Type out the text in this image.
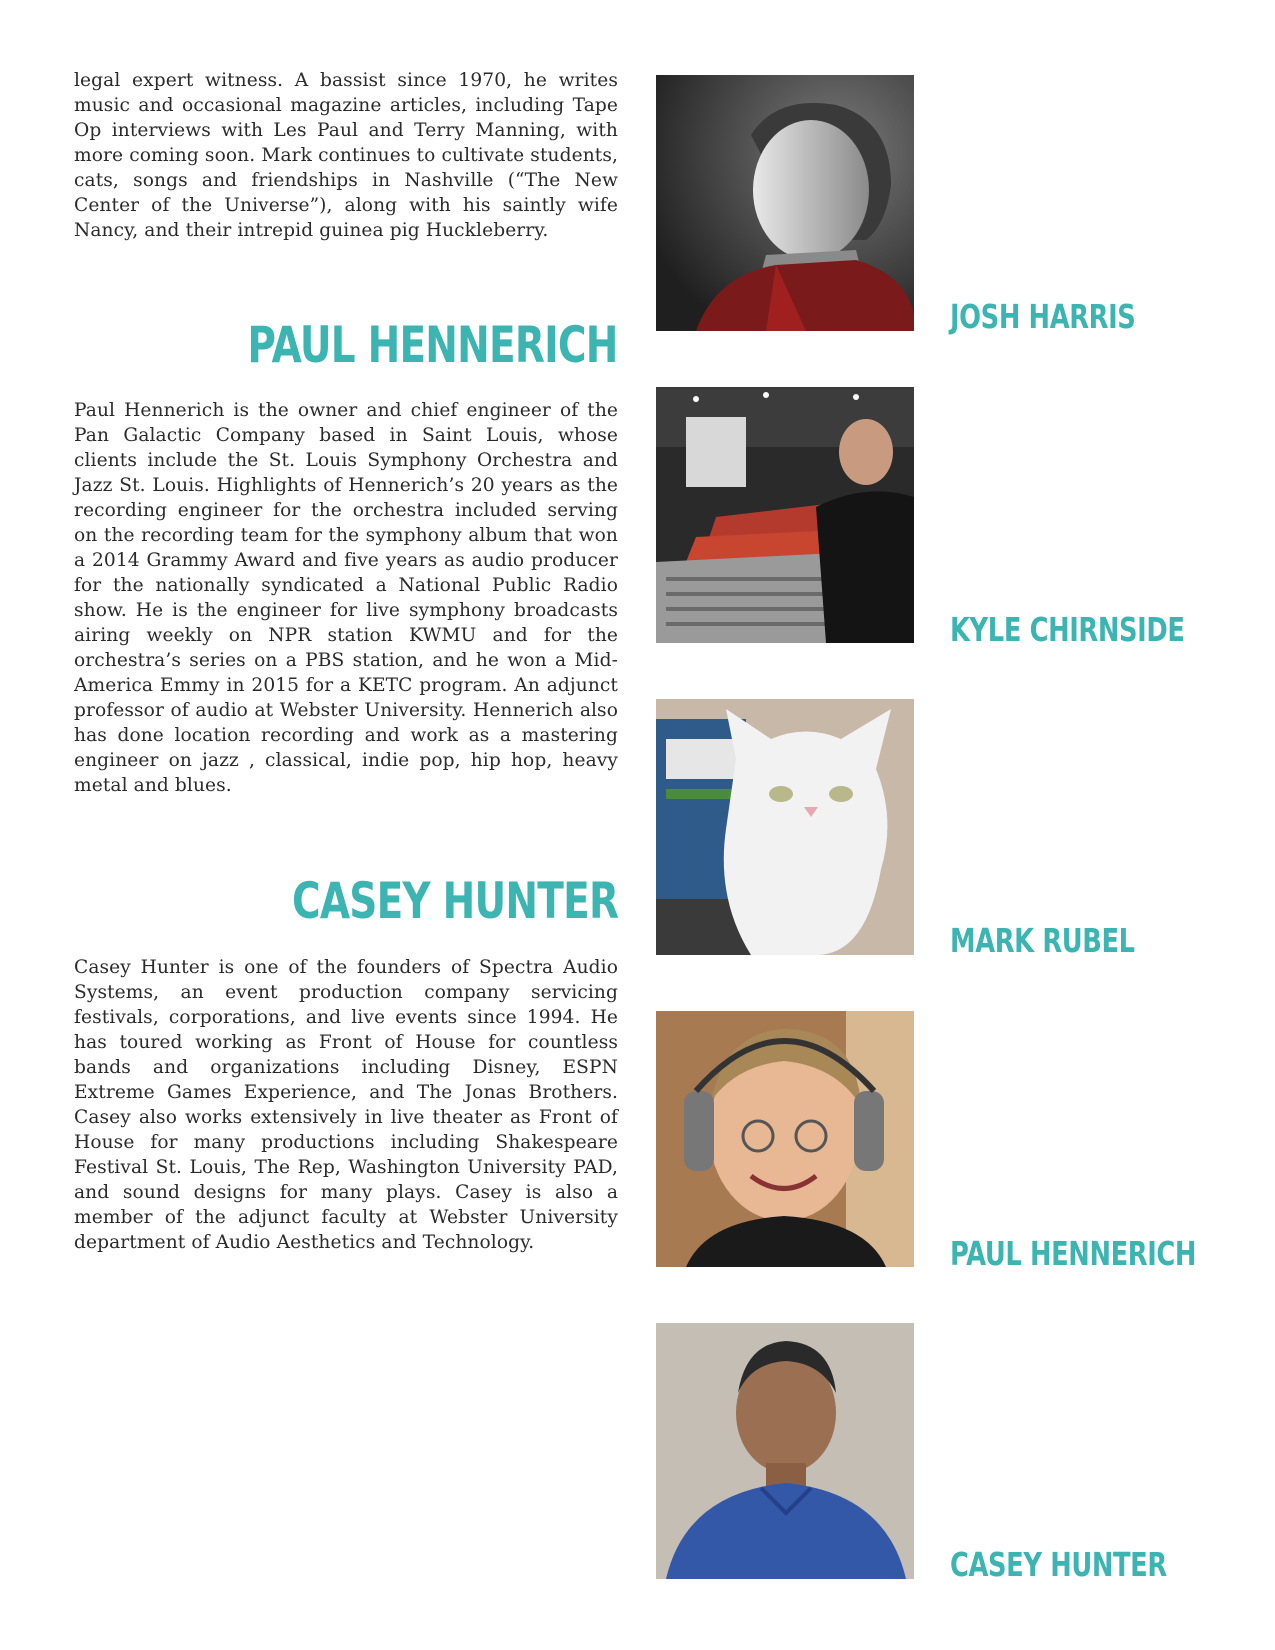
legal expert witness. A bassist since 1970, he writes music and occasional magazine articles, including Tape Op interviews with Les Paul and Terry Manning, with more coming soon. Mark continues to cultivate students, cats, songs and friendships in Nashville (“The New Center of the Universe”), along with his saintly wife Nancy, and their intrepid guinea pig Huckleberry.

PAUL HENNERICH

Paul Hennerich is the owner and chief engineer of the Pan Galactic Company based in Saint Louis, whose clients include the St. Louis Symphony Orchestra and Jazz St. Louis. Highlights of Hennerich’s 20 years as the recording engineer for the orchestra included serving on the recording team for the symphony album that won a 2014 Grammy Award and five years as audio producer for the nationally syndicated a National Public Radio show. He is the engineer for live symphony broadcasts airing weekly on NPR station KWMU and for the orchestra’s series on a PBS station, and he won a Mid-America Emmy in 2015 for a KETC program. An adjunct professor of audio at Webster University. Hennerich also has done location recording and work as a mastering engineer on jazz , classical, indie pop, hip hop, heavy metal and blues.

CASEY HUNTER

Casey Hunter is one of the founders of Spectra Audio Systems, an event production company servicing festivals, corporations, and live events since 1994. He has toured working as Front of House for countless bands and organizations including Disney, ESPN Extreme Games Experience, and The Jonas Brothers. Casey also works extensively in live theater as Front of House for many productions including Shakespeare Festival St. Louis, The Rep, Washington University PAD, and sound designs for many plays. Casey is also a member of the adjunct faculty at Webster University department of Audio Aesthetics and Technology.

JOSH HARRIS
KYLE CHIRNSIDE
MARK RUBEL
PAUL HENNERICH
CASEY HUNTER
